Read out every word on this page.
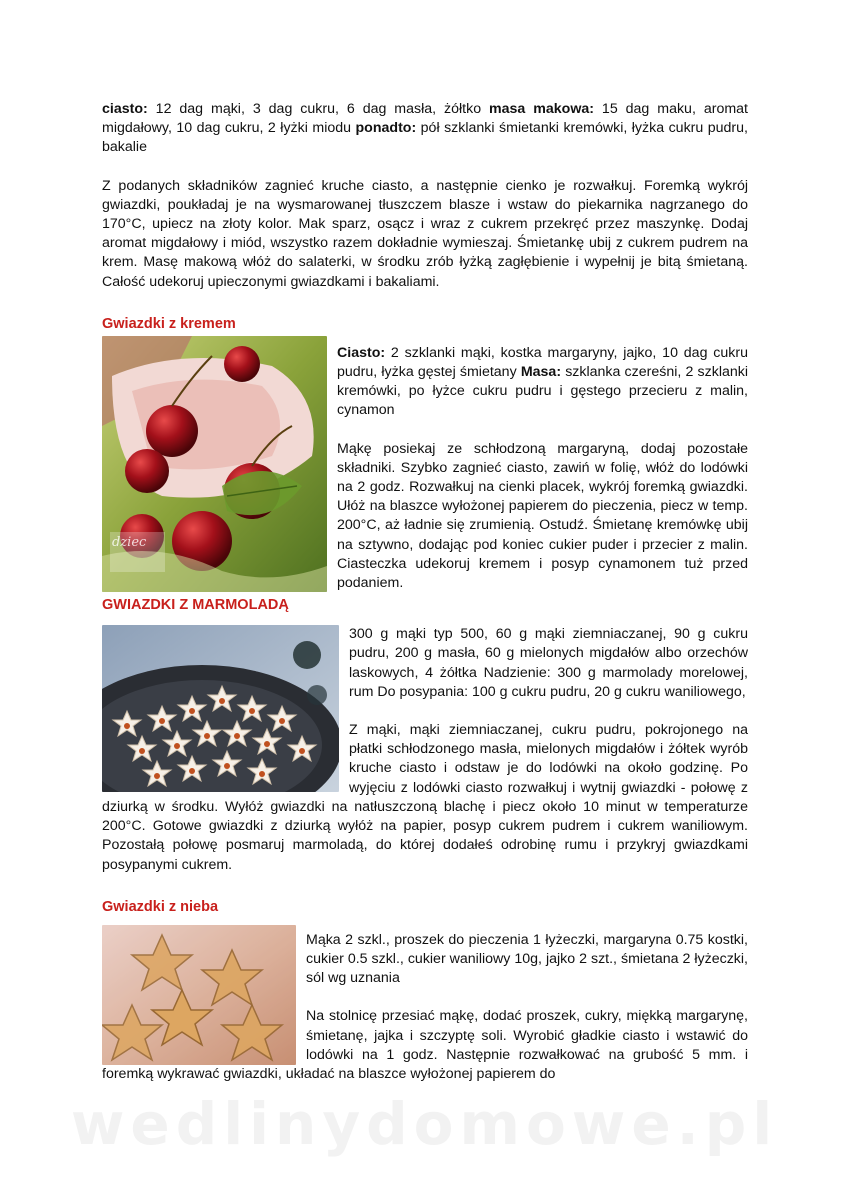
ciasto: 12 dag mąki, 3 dag cukru, 6 dag masła, żółtko masa makowa: 15 dag maku, aromat migdałowy, 10 dag cukru, 2 łyżki miodu ponadto: pół szklanki śmietanki kremówki, łyżka cukru pudru, bakalie

Z podanych składników zagnieć kruche ciasto, a następnie cienko je rozwałkuj. Foremką wykrój gwiazdki, poukładaj je na wysmarowanej tłuszczem blasze i wstaw do piekarnika nagrzanego do 170°C, upiecz na złoty kolor. Mak sparz, osącz i wraz z cukrem przekręć przez maszynkę. Dodaj aromat migdałowy i miód, wszystko razem dokładnie wymieszaj. Śmietankę ubij z cukrem pudrem na krem. Masę makową włóż do salaterki, w środku zrób łyżką zagłębienie i wypełnij je bitą śmietaną. Całość udekoruj upieczonymi gwiazdkami i bakaliami.

Gwiazdki z kremem

dziec

Ciasto: 2 szklanki mąki, kostka margaryny, jajko, 10 dag cukru pudru, łyżka gęstej śmietany Masa: szklanka czereśni, 2 szklanki kremówki, po łyżce cukru pudru i gęstego przecieru z malin, cynamon

Mąkę posiekaj ze schłodzoną margaryną, dodaj pozostałe składniki. Szybko zagnieć ciasto, zawiń w folię, włóż do lodówki na 2 godz. Rozwałkuj na cienki placek, wykrój foremką gwiazdki. Ułóż na blaszce wyłożonej papierem do pieczenia, piecz w temp. 200°C, aż ładnie się zrumienią. Ostudź. Śmietanę kremówkę ubij na sztywno, dodając pod koniec cukier puder i przecier z malin. Ciasteczka udekoruj kremem i posyp cynamonem tuż przed podaniem.

GWIAZDKI Z MARMOLADĄ

300 g mąki typ 500, 60 g mąki ziemniaczanej, 90 g cukru pudru, 200 g masła, 60 g mielonych migdałów albo orzechów laskowych, 4 żółtka Nadzienie: 300 g marmolady morelowej, rum Do posypania: 100 g cukru pudru, 20 g cukru waniliowego,

Z mąki, mąki ziemniaczanej, cukru pudru, pokrojonego na płatki schłodzonego masła, mielonych migdałów i żółtek wyrób kruche ciasto i odstaw je do lodówki na około godzinę. Po wyjęciu z lodówki ciasto rozwałkuj i wytnij gwiazdki - połowę z dziurką w środku. Wyłóż gwiazdki na natłuszczoną blachę i piecz około 10 minut w temperaturze 200°C. Gotowe gwiazdki z dziurką wyłóż na papier, posyp cukrem pudrem i cukrem waniliowym. Pozostałą połowę posmaruj marmoladą, do której dodałeś odrobinę rumu i przykryj gwiazdkami posypanymi cukrem.

Gwiazdki z nieba

Mąka 2 szkl., proszek do pieczenia 1 łyżeczki, margaryna 0.75 kostki, cukier 0.5 szkl., cukier waniliowy 10g, jajko 2 szt., śmietana 2 łyżeczki, sól wg uznania

Na stolnicę przesiać mąkę, dodać proszek, cukry, miękką margarynę, śmietanę, jajka i szczyptę soli. Wyrobić gładkie ciasto i wstawić do lodówki na 1 godz. Następnie rozwałkować na grubość 5 mm. i foremką wykrawać gwiazdki, układać na blaszce wyłożonej papierem do

wedlinydomowe.pl
